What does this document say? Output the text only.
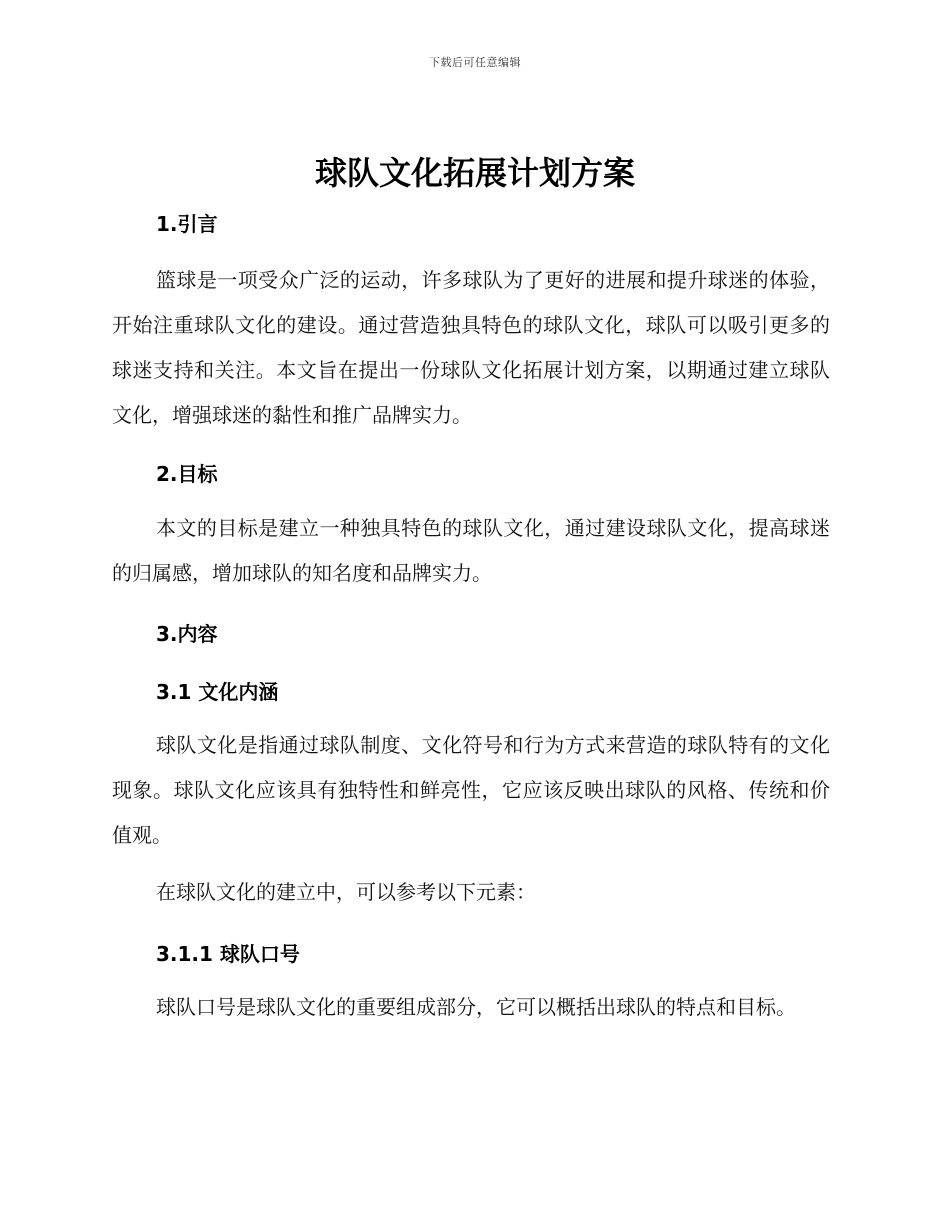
下载后可任意编辑
球队文化拓展计划方案
1.引言

篮球是一项受众广泛的运动，许多球队为了更好的进展和提升球迷的体验，开始注重球队文化的建设。通过营造独具特色的球队文化，球队可以吸引更多的球迷支持和关注。本文旨在提出一份球队文化拓展计划方案，以期通过建立球队文化，增强球迷的黏性和推广品牌实力。

2.目标

本文的目标是建立一种独具特色的球队文化，通过建设球队文化，提高球迷的归属感，增加球队的知名度和品牌实力。

3.内容
3.1 文化内涵

球队文化是指通过球队制度、文化符号和行为方式来营造的球队特有的文化现象。球队文化应该具有独特性和鲜亮性，它应该反映出球队的风格、传统和价值观。

在球队文化的建立中，可以参考以下元素：

3.1.1 球队口号

球队口号是球队文化的重要组成部分，它可以概括出球队的特点和目标。
